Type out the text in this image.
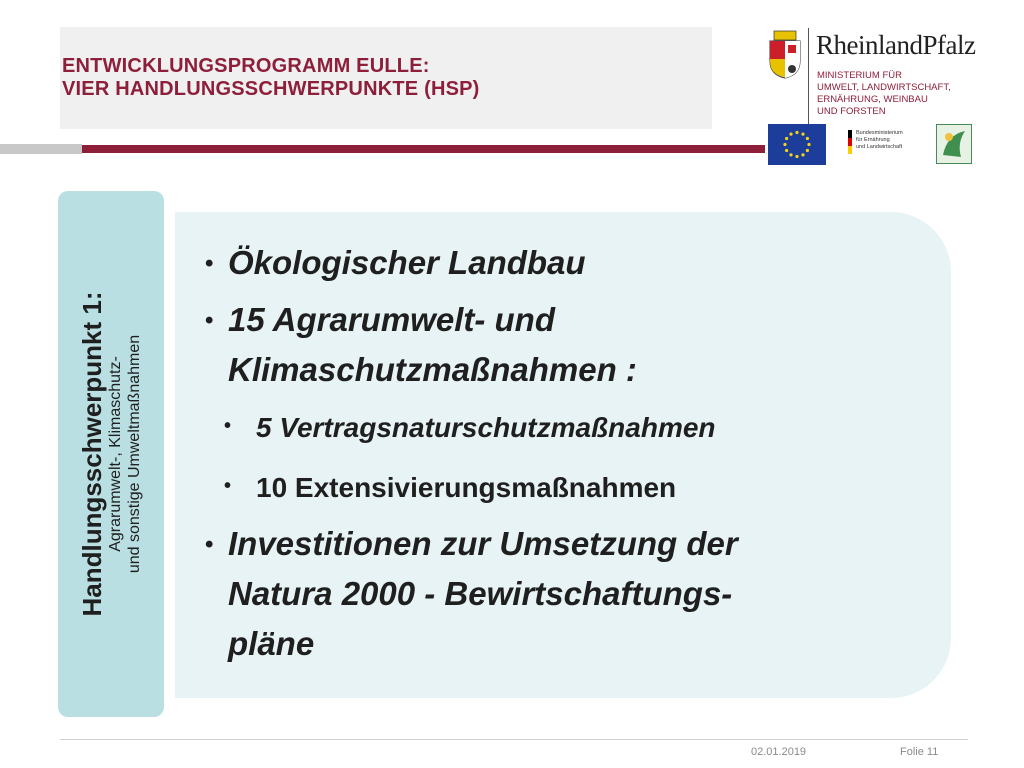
ENTWICKLUNGSPROGRAMM EULLE:
VIER HANDLUNGSSCHWERPUNKTE (HSP)
RheinlandPfalz
MINISTERIUM FÜR
UMWELT, LANDWIRTSCHAFT,
ERNÄHRUNG, WEINBAU
UND FORSTEN
Bundesministerium
für Ernährung
und Landwirtschaft
Handlungsschwerpunkt 1: Agrarumwelt-, Klimaschutz- und sonstige Umweltmaßnahmen
• Ökologischer Landbau
• 15 Agrarumwelt- und
Klimaschutzmaßnahmen :
• 5 Vertragsnaturschutzmaßnahmen
• 10 Extensivierungsmaßnahmen
• Investitionen zur Umsetzung der
Natura 2000 - Bewirtschaftungs-
pläne
02.01.2019	Folie 11
